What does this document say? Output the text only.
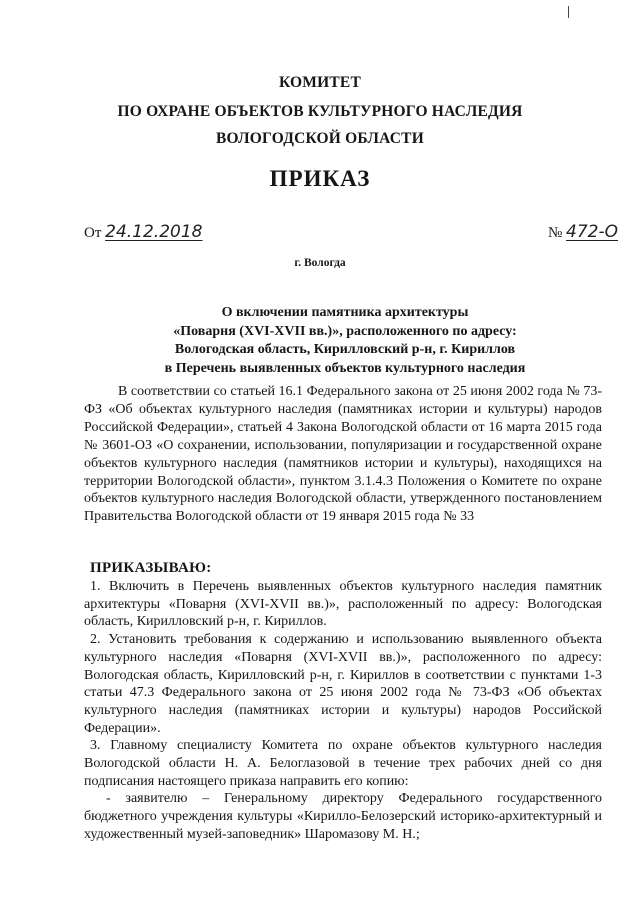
КОМИТЕТ
ПО ОХРАНЕ ОБЪЕКТОВ КУЛЬТУРНОГО НАСЛЕДИЯ
ВОЛОГОДСКОЙ ОБЛАСТИ
ПРИКАЗ
От 24.12.2018	№ 472-О
г. Вологда
О включении памятника архитектуры
«Поварня (XVI-XVII вв.)», расположенного по адресу:
Вологодская область, Кирилловский р-н, г. Кириллов
в Перечень выявленных объектов культурного наследия
В соответствии со статьей 16.1 Федерального закона от 25 июня 2002 года № 73-ФЗ «Об объектах культурного наследия (памятниках истории и культуры) народов Российской Федерации», статьей 4 Закона Вологодской области от 16 марта 2015 года № 3601-ОЗ «О сохранении, использовании, популяризации и государственной охране объектов культурного наследия (памятников истории и культуры), находящихся на территории Вологодской области», пунктом 3.1.4.3 Положения о Комитете по охране объектов культурного наследия Вологодской области, утвержденного постановлением Правительства Вологодской области от 19 января 2015 года № 33
ПРИКАЗЫВАЮ:

1. Включить в Перечень выявленных объектов культурного наследия памятник архитектуры «Поварня (XVI-XVII вв.)», расположенный по адресу: Вологодская область, Кирилловский р-н, г. Кириллов.

2. Установить требования к содержанию и использованию выявленного объекта культурного наследия «Поварня (XVI-XVII вв.)», расположенного по адресу: Вологодская область, Кирилловский р-н, г. Кириллов в соответствии с пунктами 1-3 статьи 47.3 Федерального закона от 25 июня 2002 года № 73-ФЗ «Об объектах культурного наследия (памятниках истории и культуры) народов Российской Федерации».

3. Главному специалисту Комитета по охране объектов культурного наследия Вологодской области Н. А. Белоглазовой в течение трех рабочих дней со дня подписания настоящего приказа направить его копию:

- заявителю – Генеральному директору Федерального государственного бюджетного учреждения культуры «Кирилло-Белозерский историко-архитектурный и художественный музей-заповедник» Шаромазову М. Н.;
